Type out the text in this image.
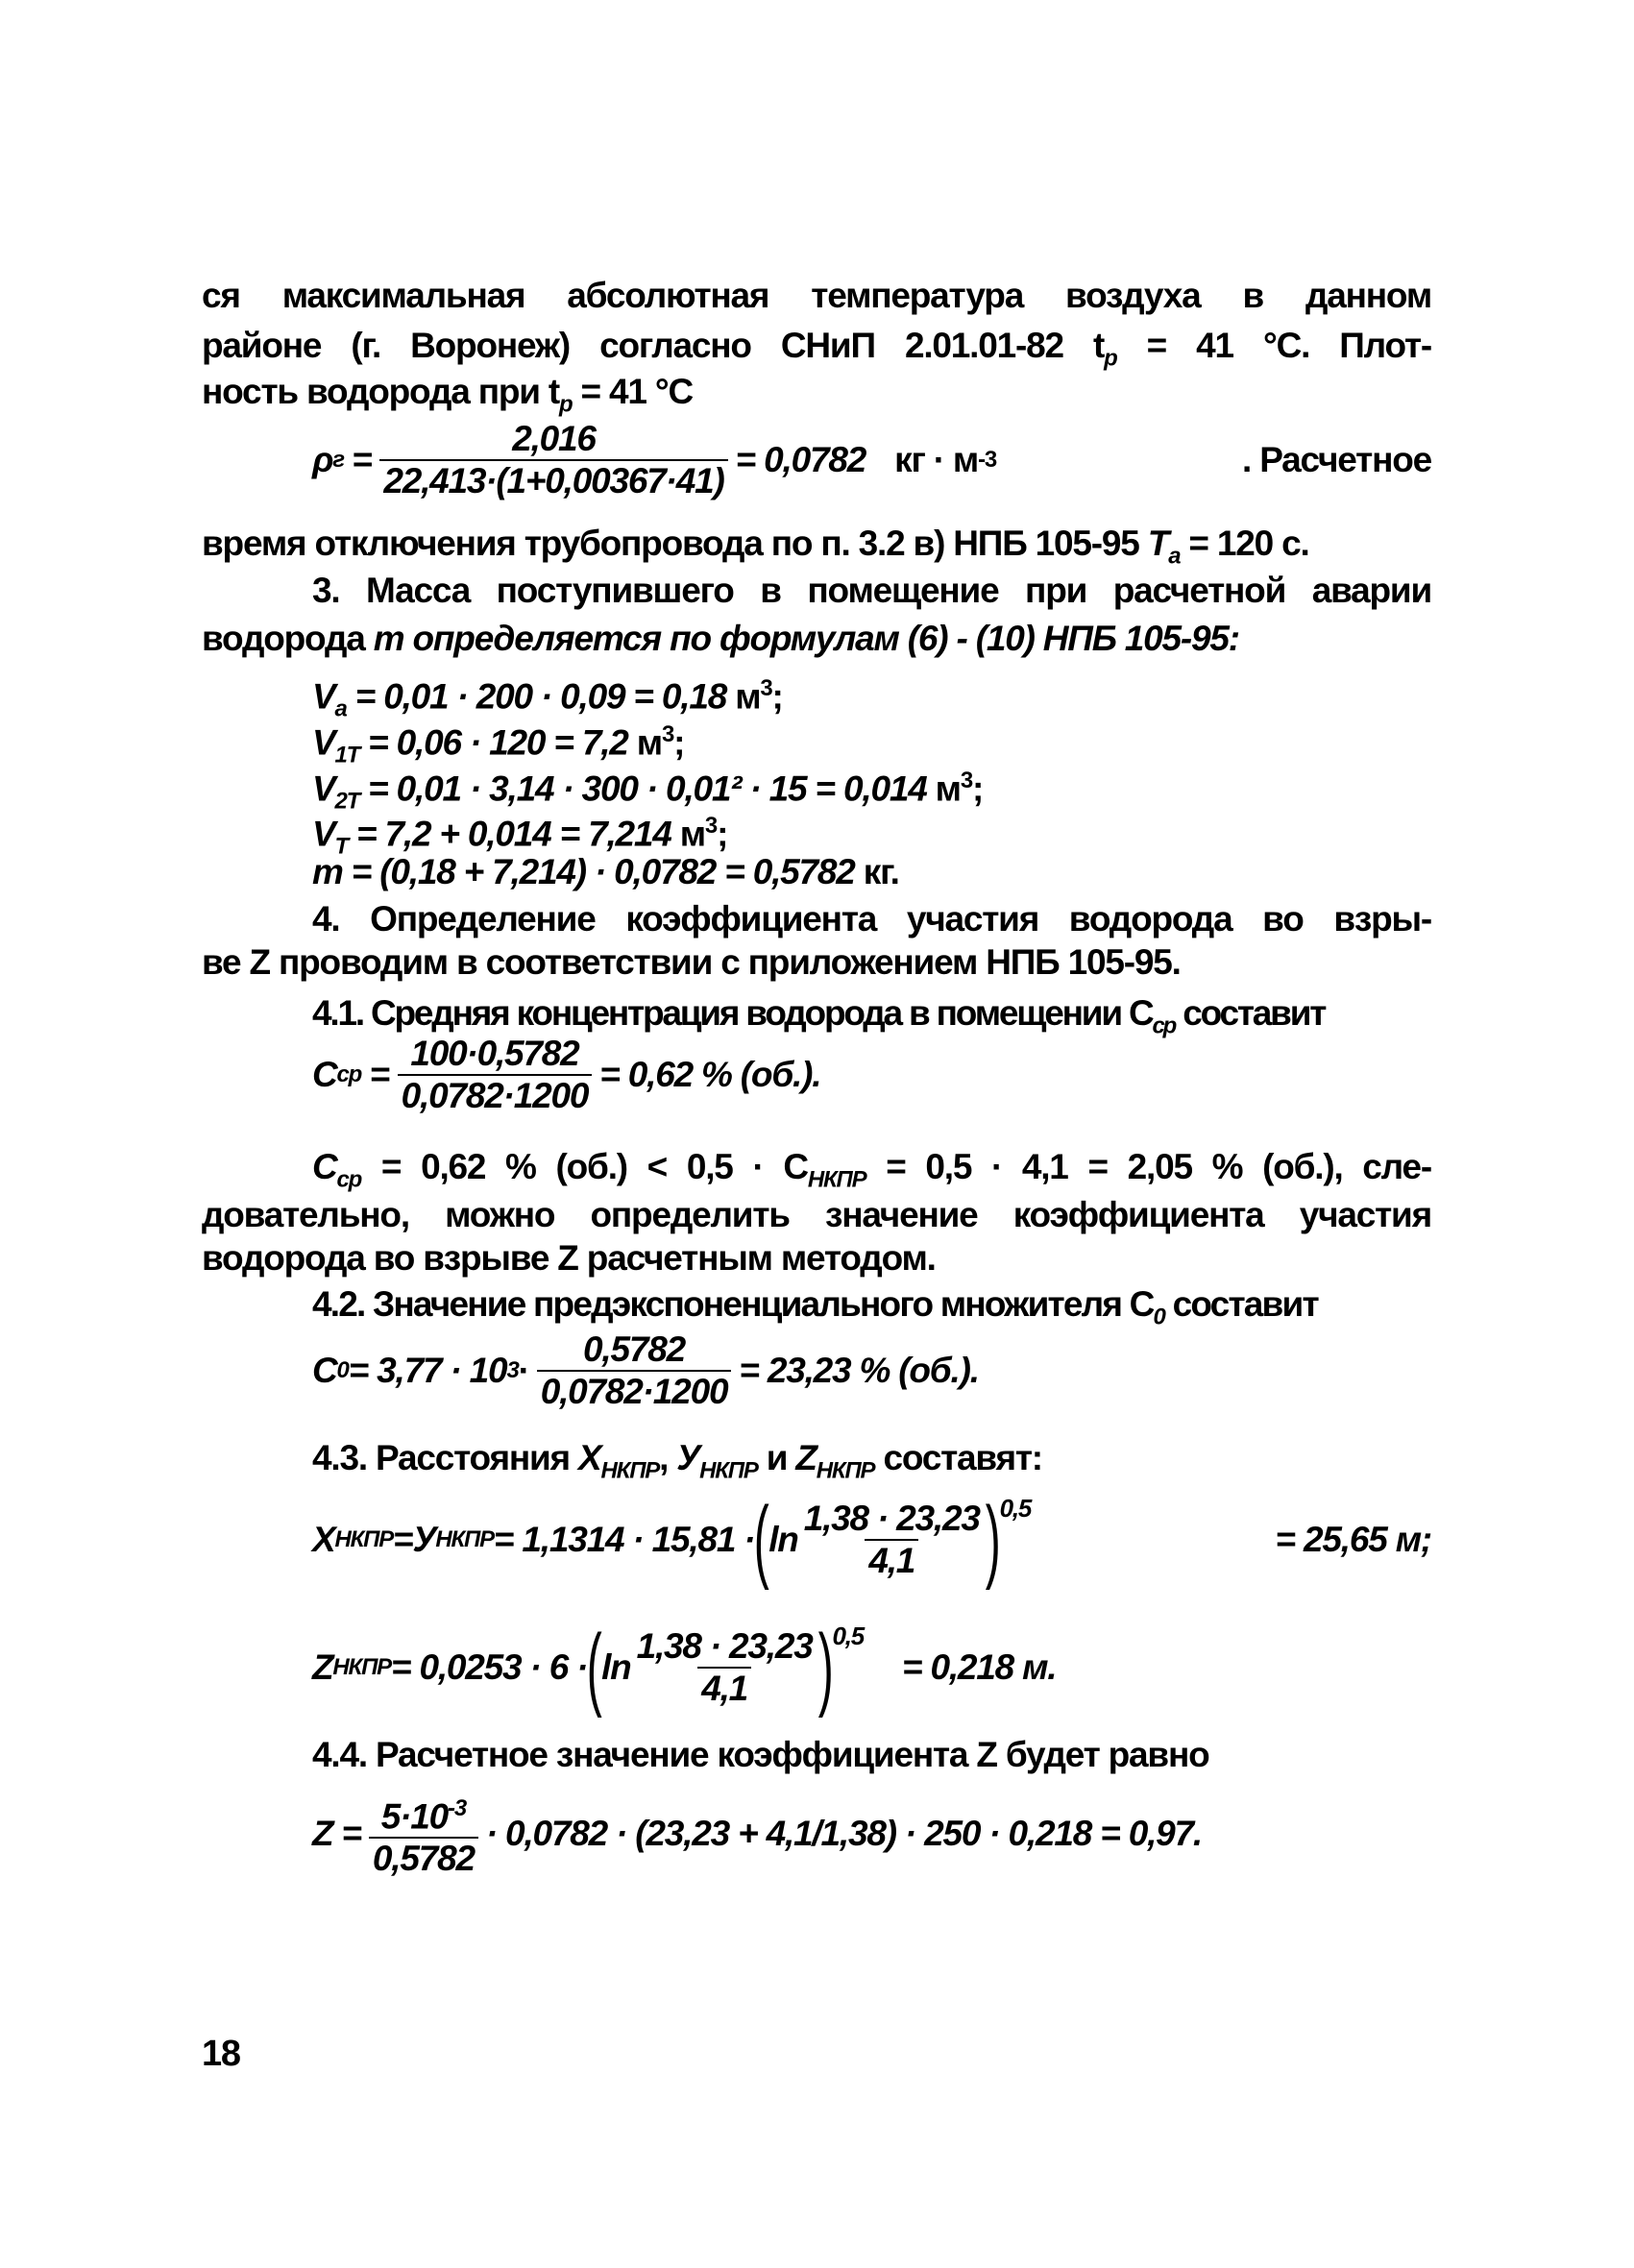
ся максимальная абсолютная температура воздуха в данном
районе (г. Воронеж) согласно СНиП 2.01.01-82 $t_p = 41$ °С. Плот-
ность водорода при $t_p = 41$ °С
ρ $г = \frac{2,016}{22,413\cdot(1+0,00367\cdot 41)} = 0,0782$ кг · м -3	. Расчетное
время отключения трубопровода по п. 3.2 в) НПБ 105-95 $T_a = 120$ с.
3. Масса поступившего в помещение при расчетной аварии
водорода m определяется по формулам (6) - (10) НПБ 105-95:
$V_a = 0,01 \cdot 200 \cdot 0,09 = 0,18$ $м^3$;
$V_{1T} = 0,06 \cdot 120 = 7,2$ $м^3$;
$V_{2T} = 0,01 \cdot 3,14 \cdot 300 \cdot 0,01^2 \cdot 15 = 0,014$ $м^3$;
$V_T = 7,2 + 0,014 = 7,214$ $м^3$;
m = (0,18 + 7,214) · 0,0782 = 0,5782 кг.
4. Определение коэффициента участия водорода во взры-
ве Z проводим в соответствии с приложением НПБ 105-95.
4.1. Средняя концентрация водорода в помещении $C_{ср}$ составит
C ср = $\frac{100\cdot 0,5782}{0,0782\cdot 1200} = 0,62$ % (об.).
$C_{ср} = 0,62$ % $(об.) < 0,5 \cdot C_{НКПР} = 0,5 \cdot 4,1 = 2,05$ % (об.), сле-
довательно, можно определить значение коэффициента участия
водорода во взрыве Z расчетным методом.
4.2. Значение предэкспоненциального множителя $C_0$ составит
C 0 = 3,77 · 10 $3 \cdot \frac{0,5782}{0,0782\cdot 1200} = 23,23$ % (об.).
4.3. Расстояния $X_{НКПР}$, $У_{НКПР}$ и $Z_{НКПР}$ составят:
X НКПР = У НКПР = 1,1314 · 15,81 · ( $\ln \frac{1,38 \cdot 23,23}{4,1} )^{0,5}$
= 25,65 м;
Z НКПР = 0,0253 · 6 · ( $\ln \frac{1,38 \cdot 23,23}{4,1} )^{0,5}$
= 0,218 м.
4.4. Расчетное значение коэффициента Z будет равно
$Z = \frac{5\cdot 10^{-3}}{0,5782} \cdot 0,0782 \cdot (23,23 + 4,1/1,38) \cdot 250 \cdot 0,218 = 0,97$.
18
